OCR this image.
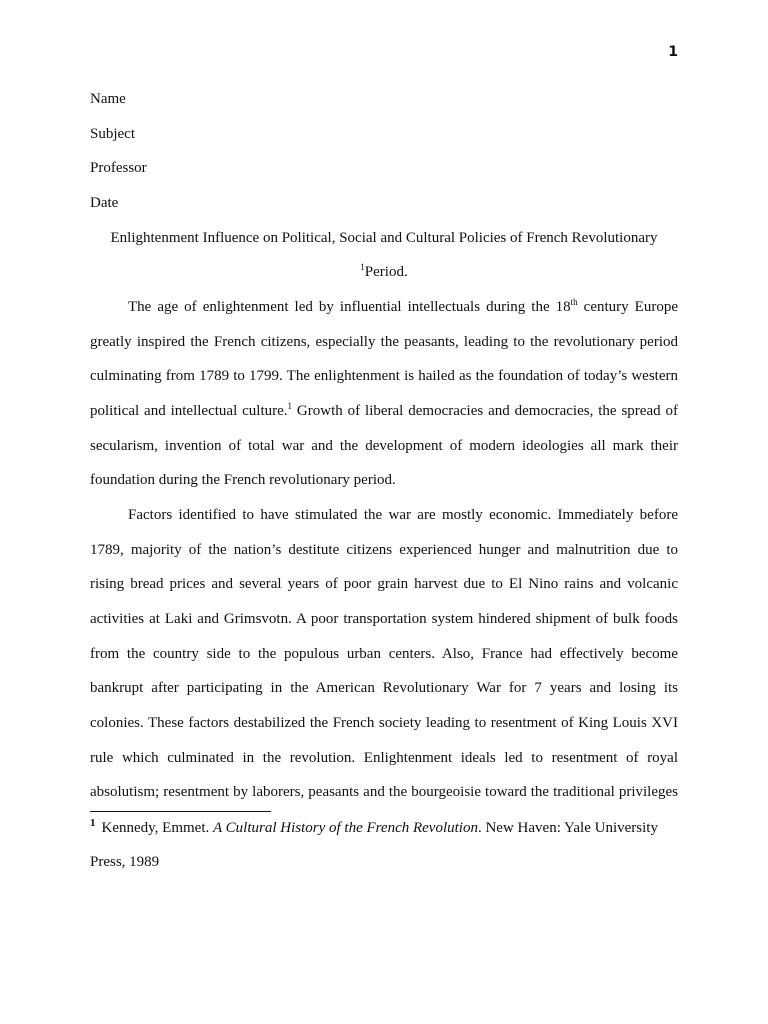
1
Name
Subject
Professor
Date
Enlightenment Influence on Political, Social and Cultural Policies of French Revolutionary
$^1$Period.
The age of enlightenment led by influential intellectuals during the 18th century Europe
greatly inspired the French citizens, especially the peasants, leading to the revolutionary period
culminating from 1789 to 1799. The enlightenment is hailed as the foundation of today’s western
political and intellectual culture.$^1$ Growth of liberal democracies and democracies, the spread of
secularism, invention of total war and the development of modern ideologies all mark their
foundation during the French revolutionary period.
Factors identified to have stimulated the war are mostly economic. Immediately before
1789, majority of the nation’s destitute citizens experienced hunger and malnutrition due to
rising bread prices and several years of poor grain harvest due to El Nino rains and volcanic
activities at Laki and Grimsvotn. A poor transportation system hindered shipment of bulk foods
from the country side to the populous urban centers. Also, France had effectively become
bankrupt after participating in the American Revolutionary War for 7 years and losing its
colonies. These factors destabilized the French society leading to resentment of King Louis XVI
rule which culminated in the revolution. Enlightenment ideals led to resentment of royal
absolutism; resentment by laborers, peasants and the bourgeoisie toward the traditional privileges
$^1$ Kennedy, Emmet. A Cultural History of the French Revolution. New Haven: Yale University
Press, 1989
